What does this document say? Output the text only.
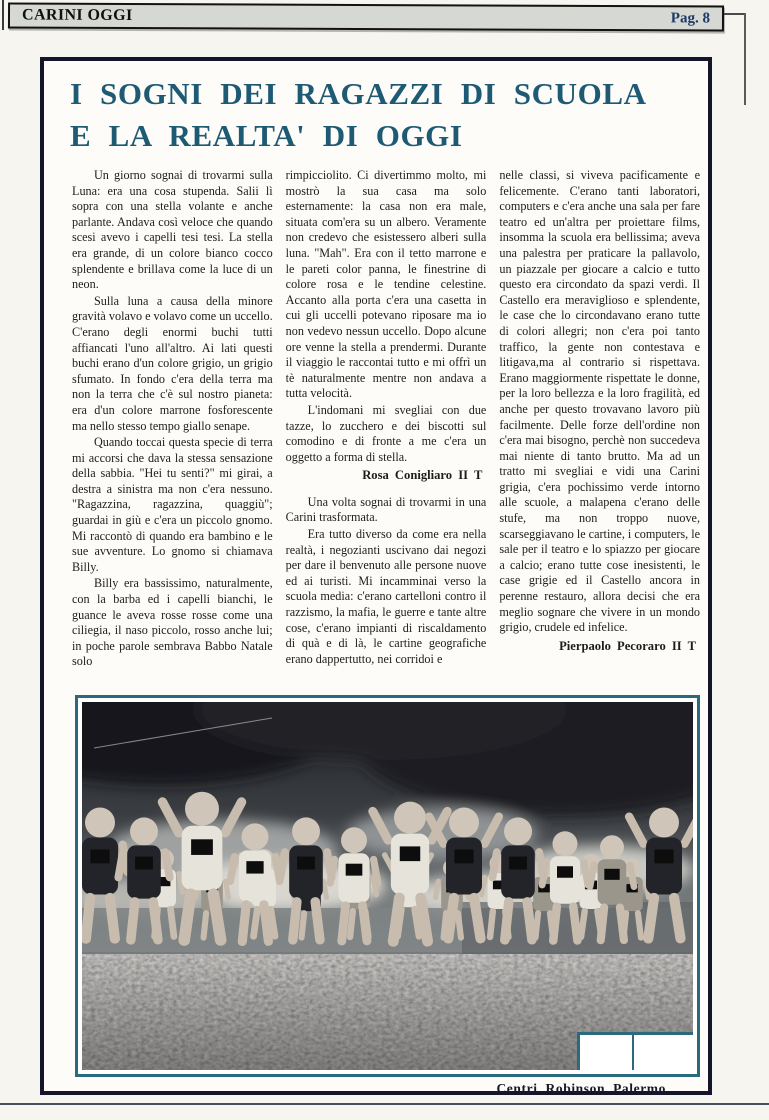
CARINI OGGI	Pag. 8
I SOGNI DEI RAGAZZI DI SCUOLA
E LA REALTA' DI OGGI

Un giorno sognai di trovarmi sulla Luna: era una cosa stupenda. Salii lì sopra con una stella volante e anche parlante. Andava così veloce che quando scesi avevo i capelli tesi tesi. La stella era grande, di un colore bianco cocco splendente e brillava come la luce di un neon.

Sulla luna a causa della minore gravità volavo e volavo come un uccello. C'erano degli enormi buchi tutti affiancati l'uno all'altro. Ai lati questi buchi erano d'un colore grigio, un grigio sfumato. In fondo c'era della terra ma non la terra che c'è sul nostro pianeta: era d'un colore marrone fosforescente ma nello stesso tempo giallo senape.

Quando toccai questa specie di terra mi accorsi che dava la stessa sensazione della sabbia. "Hei tu senti?" mi girai, a destra a sinistra ma non c'era nessuno. "Ragazzina, ragazzina, quaggiù"; guardai in giù e c'era un piccolo gnomo. Mi raccontò di quando era bambino e le sue avventure. Lo gnomo si chiamava Billy.

Billy era bassissimo, naturalmente, con la barba ed i capelli bianchi, le guance le aveva rosse rosse come una ciliegia, il naso piccolo, rosso anche lui; in poche parole sembrava Babbo Natale solo

rimpicciolito. Ci divertimmo molto, mi mostrò la sua casa ma solo esternamente: la casa non era male, situata com'era su un albero. Veramente non credevo che esistessero alberi sulla luna. "Mah". Era con il tetto marrone e le pareti color panna, le finestrine di colore rosa e le tendine celestine. Accanto alla porta c'era una casetta in cui gli uccelli potevano riposare ma io non vedevo nessun uccello. Dopo alcune ore venne la stella a prendermi. Durante il viaggio le raccontai tutto e mi offrì un tè naturalmente mentre non andava a tutta velocità.

L'indomani mi svegliai con due tazze, lo zucchero e dei biscotti sul comodino e di fronte a me c'era un oggetto a forma di stella.

Rosa Conigliaro II T

Una volta sognai di trovarmi in una Carini trasformata.

Era tutto diverso da come era nella realtà, i negozianti uscivano dai negozi per dare il benvenuto alle persone nuove ed ai turisti. Mi incamminai verso la scuola media: c'erano cartelloni contro il razzismo, la mafia, le guerre e tante altre cose, c'erano impianti di riscaldamento di quà e di là, le cartine geografiche erano dappertutto, nei corridoi e

nelle classi, si viveva pacificamente e felicemente. C'erano tanti laboratori, computers e c'era anche una sala per fare teatro ed un'altra per proiettare films, insomma la scuola era bellissima; aveva una palestra per praticare la pallavolo, un piazzale per giocare a calcio e tutto questo era circondato da spazi verdi. Il Castello era meraviglioso e splendente, le case che lo circondavano erano tutte di colori allegri; non c'era poi tanto traffico, la gente non contestava e litigava,ma al contrario si rispettava. Erano maggiormente rispettate le donne, per la loro bellezza e la loro fragilità, ed anche per questo trovavano lavoro più facilmente. Delle forze dell'ordine non c'era mai bisogno, perchè non succedeva mai niente di tanto brutto. Ma ad un tratto mi svegliai e vidi una Carini grigia, c'era pochissimo verde intorno alle scuole, a malapena c'erano delle stufe, ma non troppo nuove, scarseggiavano le cartine, i computers, le sale per il teatro e lo spiazzo per giocare a calcio; erano tutte cose inesistenti, le case grigie ed il Castello ancora in perenne restauro, allora decisi che era meglio sognare che vivere in un mondo grigio, crudele ed infelice.

Pierpaolo Pecoraro II T

Centri Robinson Palermo
